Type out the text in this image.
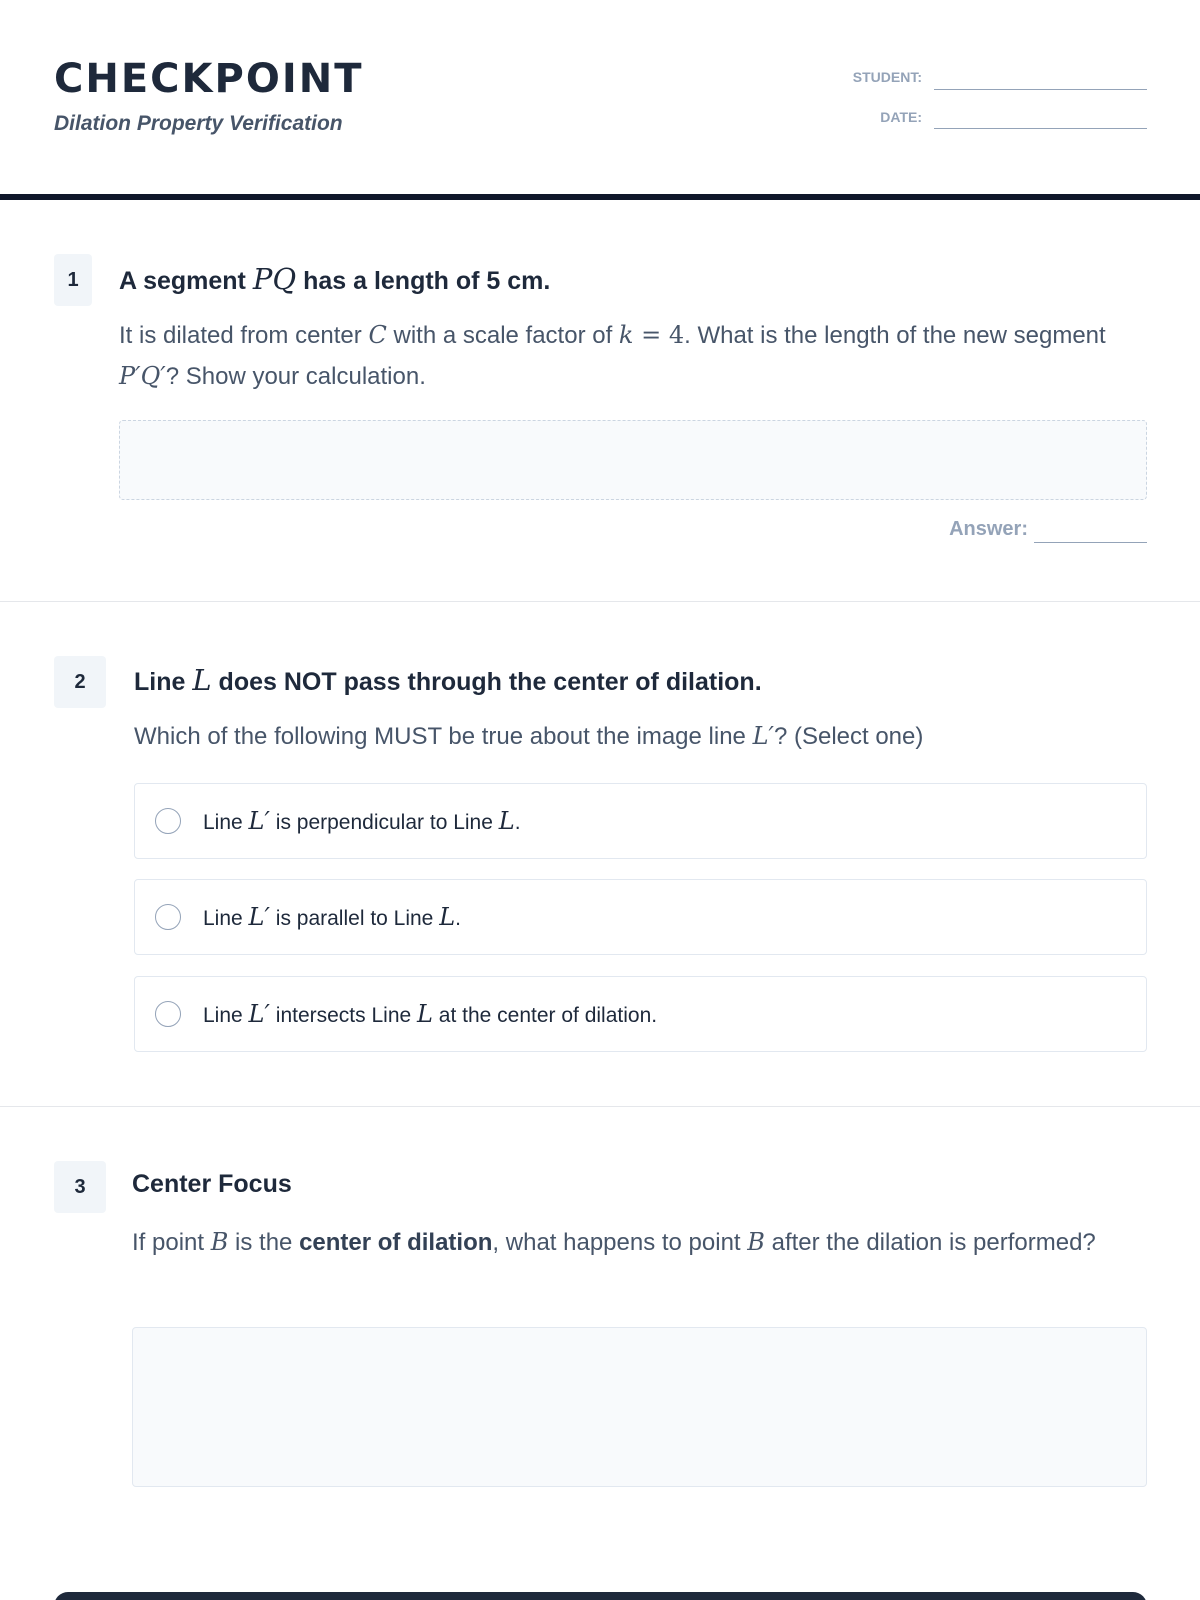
CHECKPOINT
Dilation Property Verification
STUDENT:
DATE:
1	A segment PQ has a length of 5 cm.
It is dilated from center C with a scale factor of k = 4. What is the length of the new segment P′Q′? Show your calculation.
Answer:
2	Line L does NOT pass through the center of dilation.
Which of the following MUST be true about the image line L′? (Select one)
Line L′ is perpendicular to Line L.
Line L′ is parallel to Line L.
Line L′ intersects Line L at the center of dilation.
3	Center Focus
If point B is the center of dilation, what happens to point B after the dilation is performed?
